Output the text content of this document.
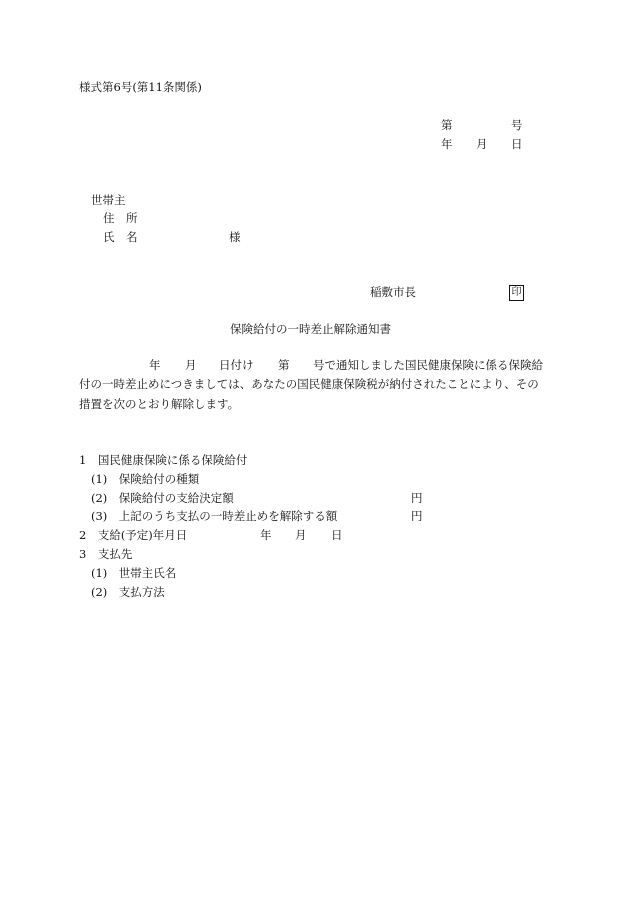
様式第6号(第11条関係)
第	号
年 月 日
世帯主
住　所
氏　名	様
稲敷市長	印
保険給付の一時差止解除通知書
年 月 日付け 第 号で通知しました国民健康保険に係る保険給
付の一時差止めにつきましては、あなたの国民健康保険税が納付されたことにより、その
措置を次のとおり解除します。
1　国民健康保険に係る保険給付
(1)　保険給付の種類
(2)　保険給付の支給決定額	円
(3)　上記のうち支払の一時差止めを解除する額	円
2　支給(予定)年月日	年 月 日
3　支払先
(1)　世帯主氏名
(2)　支払方法
